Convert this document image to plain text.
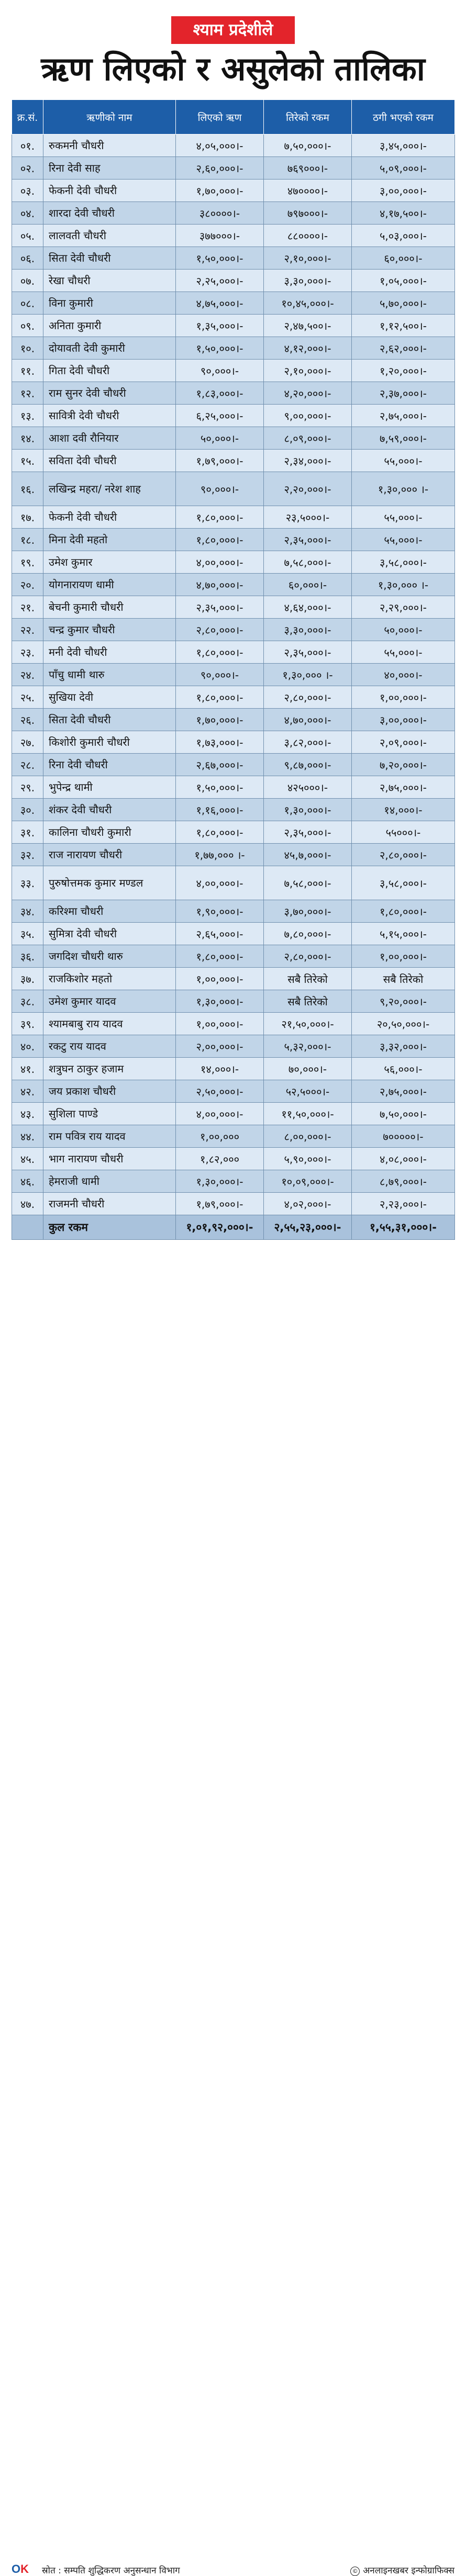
श्याम प्रदेशीले
ऋण लिएको र असुलेको तालिका
क्र.सं.	ऋणीको नाम	लिएको ऋण	तिरेको रकम	ठगी भएको रकम
०१.	रुकमनी चौधरी	४,०५,०००।-	७,५०,०००।-	३,४५,०००।-
०२.	रिना देवी साह	२,६०,०००।-	७६९०००।-	५,०९,०००।-
०३.	फेकनी देवी चौधरी	१,७०,०००।-	४७००००।-	३,००,०००।-
०४.	शारदा देवी चौधरी	३८००००।-	७९७०००।-	४,१७,५००।-
०५.	लालवती चौधरी	३७७०००।-	८८००००।-	५,०३,०००।-
०६.	सिता देवी चौधरी	१,५०,०००।-	२,१०,०००।-	६०,०००।-
०७.	रेखा चौधरी	२,२५,०००।-	३,३०,०००।-	१,०५,०००।-
०८.	विना कुमारी	४,७५,०००।-	१०,४५,०००।-	५,७०,०००।-
०९.	अनिता कुमारी	१,३५,०००।-	२,४७,५००।-	१,१२,५००।-
१०.	दोयावती देवी कुमारी	१,५०,०००।-	४,१२,०००।-	२,६२,०००।-
११.	गिता देवी चौधरी	९०,०००।-	२,१०,०००।-	१,२०,०००।-
१२.	राम सुनर देवी चौधरी	१,८३,०००।-	४,२०,०००।-	२,३७,०००।-
१३.	सावित्री देवी चौधरी	६,२५,०००।-	९,००,०००।-	२,७५,०००।-
१४.	आशा दवी रौनियार	५०,०००।-	८,०९,०००।-	७,५९,०००।-
१५.	सविता देवी चौधरी	१,७९,०००।-	२,३४,०००।-	५५,०००।-
१६.	लखिन्द्र महरा/ नरेश शाह	९०,०००।-	२,२०,०००।-	१,३०,००० ।-
१७.	फेकनी देवी चौधरी	१,८०,०००।-	२३,५०००।-	५५,०००।-
१८.	मिना देवी महतो	१,८०,०००।-	२,३५,०००।-	५५,०००।-
१९.	उमेश कुमार	४,००,०००।-	७,५८,०००।-	३,५८,०००।-
२०.	योगनारायण धामी	४,७०,०००।-	६०,०००।-	१,३०,००० ।-
२१.	बेचनी कुमारी चौधरी	२,३५,०००।-	४,६४,०००।-	२,२९,०००।-
२२.	चन्द्र कुमार चौधरी	२,८०,०००।-	३,३०,०००।-	५०,०००।-
२३.	मनी देवी चौधरी	१,८०,०००।-	२,३५,०००।-	५५,०००।-
२४.	पाँचु धामी थारु	९०,०००।-	१,३०,००० ।-	४०,०००।-
२५.	सुखिया देवी	१,८०,०००।-	२,८०,०००।-	१,००,०००।-
२६.	सिता देवी चौधरी	१,७०,०००।-	४,७०,०००।-	३,००,०००।-
२७.	किशोरी कुमारी चौधरी	१,७३,०००।-	३,८२,०००।-	२,०९,०००।-
२८.	रिना देवी चौधरी	२,६७,०००।-	९,८७,०००।-	७,२०,०००।-
२९.	भुपेन्द्र थामी	१,५०,०००।-	४२५०००।-	२,७५,०००।-
३०.	शंकर देवी चौधरी	१,१६,०००।-	१,३०,०००।-	१४,०००।-
३१.	कालिना चौधरी कुमारी	१,८०,०००।-	२,३५,०००।-	५५०००।-
३२.	राज नारायण चौधरी	१,७७,००० ।-	४५,७,०००।-	२,८०,०००।-
३३.	पुरुषोत्तमक कुमार मण्डल	४,००,०००।-	७,५८,०००।-	३,५८,०००।-
३४.	करिश्मा चौधरी	१,९०,०००।-	३,७०,०००।-	१,८०,०००।-
३५.	सुमित्रा देवी चौधरी	२,६५,०००।-	७,८०,०००।-	५,१५,०००।-
३६.	जगदिश चौधरी थारु	१,८०,०००।-	२,८०,०००।-	१,००,०००।-
३७.	राजकिशोर महतो	१,००,०००।-	सबै तिरेको	सबै तिरेको
३८.	उमेश कुमार यादव	१,३०,०००।-	सबै तिरेको	९,२०,०००।-
३९.	श्यामबाबु राय यादव	१,००,०००।-	२१,५०,०००।-	२०,५०,०००।-
४०.	रकटु राय यादव	२,००,०००।-	५,३२,०००।-	३,३२,०००।-
४१.	शत्रुघन ठाकुर हजाम	१४,०००।-	७०,०००।-	५६,०००।-
४२.	जय प्रकाश चौधरी	२,५०,०००।-	५२,५०००।-	२,७५,०००।-
४३.	सुशिला पाण्डे	४,००,०००।-	११,५०,०००।-	७,५०,०००।-
४४.	राम पवित्र राय यादव	१,००,०००	८,००,०००।-	७०००००।-
४५.	भाग नारायण चौधरी	१,८२,०००	५,९०,०००।-	४,०८,०००।-
४६.	हेमराजी धामी	१,३०,०००।-	१०,०९,०००।-	८,७९,०००।-
४७.	राजमनी चौधरी	१,७९,०००।-	४,०२,०००।-	२,२३,०००।-
	कुल रकम	१,०१,९२,०००।-	२,५५,२३,०००।-	१,५५,३१,०००।-
OK	स्रोत : सम्पति शुद्धिकरण अनुसन्धान विभाग	© अनलाइनखबर इन्फोग्राफिक्स
